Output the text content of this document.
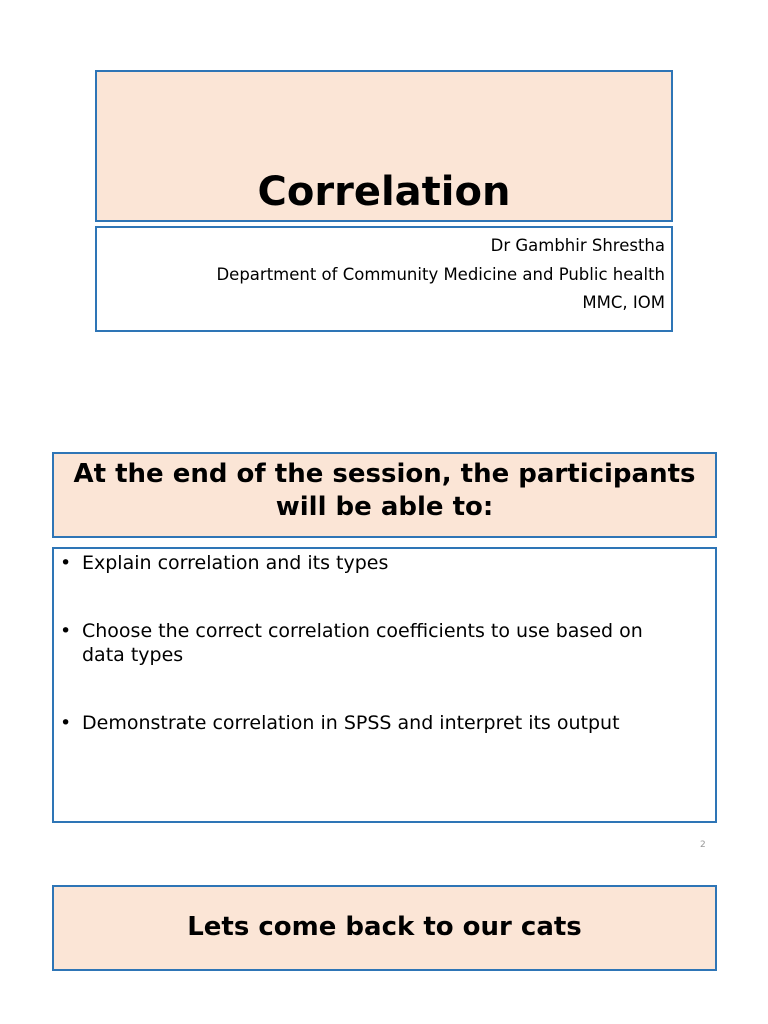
Correlation
Dr Gambhir Shrestha
Department of Community Medicine and Public health
MMC, IOM
At the end of the session, the participants will be able to:
• Explain correlation and its types
• Choose the correct correlation coefficients to use based on data types
• Demonstrate correlation in SPSS and interpret its output
2
Lets come back to our cats
